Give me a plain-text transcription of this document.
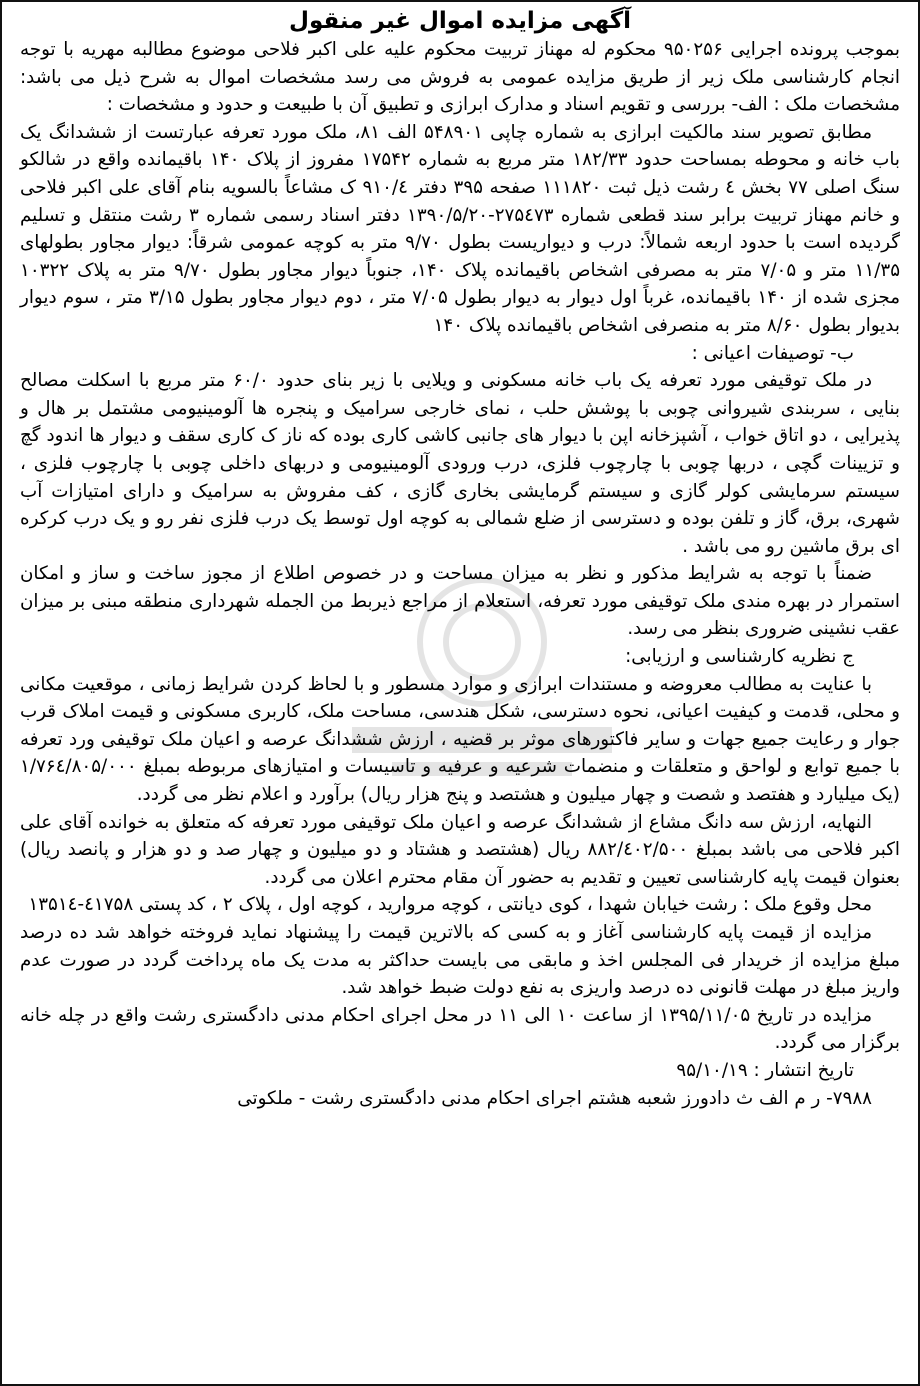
آگهی مزایده اموال غیر منقول

بموجب پرونده اجرایی ۹۵۰۲۵۶ محکوم له مهناز تربیت محکوم علیه علی اکبر فلاحی موضوع مطالبه مهریه با توجه انجام کارشناسی ملک زیر از طریق مزایده عمومی به فروش می رسد مشخصات اموال به شرح ذیل می باشد: مشخصات ملک : الف- بررسی و تقویم اسناد و مدارک ابرازی و تطبیق آن با طبیعت و حدود و مشخصات :

مطابق تصویر سند مالکیت ابرازی به شماره چاپی ۵۴۸۹۰۱ الف ۸۱، ملک مورد تعرفه عبارتست از ششدانگ یک باب خانه و محوطه بمساحت حدود ۱۸۲/۳۳ متر مربع به شماره ۱۷۵۴۲ مفروز از پلاک ۱۴۰ باقیمانده واقع در شالکو سنگ اصلی ۷۷ بخش ٤ رشت ذیل ثبت ۱۱۱۸۲۰ صفحه ۳۹۵ دفتر ۹۱۰/٤ ک مشاعاً بالسویه بنام آقای علی اکبر فلاحی و خانم مهناز تربیت برابر سند قطعی شماره ۲۷۵٤۷۳-۱۳۹۰/۵/۲۰ دفتر اسناد رسمی شماره ۳ رشت منتقل و تسلیم گردیده است با حدود اربعه شمالاً: درب و دیواریست بطول ۹/۷۰ متر به کوچه عمومی شرقاً: دیوار مجاور بطولهای ۱۱/۳۵ متر و ۷/۰۵ متر به مصرفی اشخاص باقیمانده پلاک ۱۴۰، جنوباً دیوار مجاور بطول ۹/۷۰ متر به پلاک ۱۰۳۲۲ مجزی شده از ۱۴۰ باقیمانده، غرباً اول دیوار به دیوار بطول ۷/۰۵ متر ، دوم دیوار مجاور بطول ۳/۱۵ متر ، سوم دیوار بدیوار بطول ۸/۶۰ متر به منصرفی اشخاص باقیمانده پلاک ۱۴۰

ب- توصیفات اعیانی :

در ملک توقیفی مورد تعرفه یک باب خانه مسکونی و ویلایی با زیر بنای حدود ۶۰/۰ متر مربع با اسکلت مصالح بنایی ، سربندی شیروانی چوبی با پوشش حلب ، نمای خارجی سرامیک و پنجره ها آلومینیومی مشتمل بر هال و پذیرایی ، دو اتاق خواب ، آشپزخانه اپن با دیوار های جانبی کاشی کاری بوده که ناز ک کاری سقف و دیوار ها اندود گچ و تزیینات گچی ، دربها چوبی با چارچوب فلزی، درب ورودی آلومینیومی و دربهای داخلی چوبی با چارچوب فلزی ، سیستم سرمایشی کولر گازی و سیستم گرمایشی بخاری گازی ، کف مفروش به سرامیک و دارای امتیازات آب شهری، برق، گاز و تلفن بوده و دسترسی از ضلع شمالی به کوچه اول توسط یک درب فلزی نفر رو و یک درب کرکره ای برق ماشین رو می باشد .

ضمناً با توجه به شرایط مذکور و نظر به میزان مساحت و در خصوص اطلاع از مجوز ساخت و ساز و امکان استمرار در بهره مندی ملک توقیفی مورد تعرفه، استعلام از مراجع ذیربط من الجمله شهرداری منطقه مبنی بر میزان عقب نشینی ضروری بنظر می رسد.

ج نظریه کارشناسی و ارزیابی:

با عنایت به مطالب معروضه و مستندات ابرازی و موارد مسطور و با لحاظ کردن شرایط زمانی ، موقعیت مکانی و محلی، قدمت و کیفیت اعیانی، نحوه دسترسی، شکل هندسی، مساحت ملک، کاربری مسکونی و قیمت املاک قرب جوار و رعایت جمیع جهات و سایر فاکتورهای موثر بر قضیه ، ارزش ششدانگ عرصه و اعیان ملک توقیفی ورد تعرفه با جمیع توابع و لواحق و متعلقات و منضمات شرعیه و عرفیه و تاسیسات و امتیازهای مربوطه بمبلغ ۱/۷۶٤/۸۰۵/۰۰۰ (یک میلیارد و هفتصد و شصت و چهار میلیون و هشتصد و پنج هزار ریال) برآورد و اعلام نظر می گردد.

النهایه، ارزش سه دانگ مشاع از ششدانگ عرصه و اعیان ملک توقیفی مورد تعرفه که متعلق به خوانده آقای علی اکبر فلاحی می باشد بمبلغ ۸۸۲/٤۰۲/۵۰۰ ریال (هشتصد و هشتاد و دو میلیون و چهار صد و دو هزار و پانصد ریال) بعنوان قیمت پایه کارشناسی تعیین و تقدیم به حضور آن مقام محترم اعلان می گردد.

محل وقوع ملک : رشت خیابان شهدا ، کوی دیانتی ، کوچه مروارید ، کوچه اول ، پلاک ۲ ، کد پستی ٤۱۷۵۸-۱۳۵۱٤

مزایده از قیمت پایه کارشناسی آغاز و به کسی که بالاترین قیمت را پیشنهاد نماید فروخته خواهد شد ده درصد مبلغ مزایده از خریدار فی المجلس اخذ و مابقی می بایست حداکثر به مدت یک ماه پرداخت گردد در صورت عدم واریز مبلغ در مهلت قانونی ده درصد واریزی به نفع دولت ضبط خواهد شد.

مزایده در تاریخ ۱۳۹۵/۱۱/۰۵ از ساعت ۱۰ الی ۱۱ در محل اجرای احکام مدنی دادگستری رشت واقع در چله خانه برگزار می گردد.

تاریخ انتشار : ۹۵/۱۰/۱۹

۷۹۸۸- ر م الف ث دادورز شعبه هشتم اجرای احکام مدنی دادگستری رشت - ملکوتی
